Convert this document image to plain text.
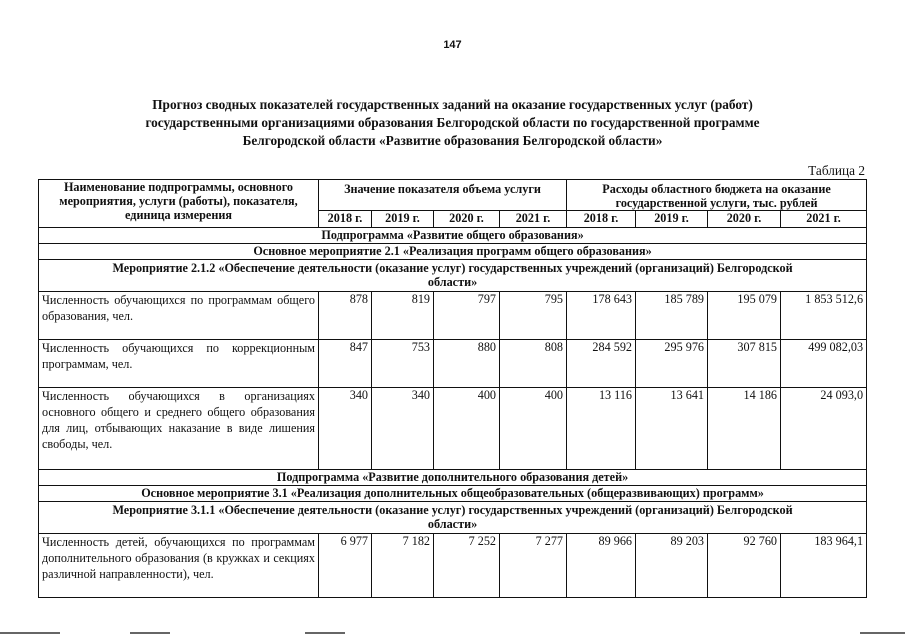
147
Прогноз сводных показателей государственных заданий на оказание государственных услуг (работ)
государственными организациями образования Белгородской области по государственной программе
Белгородской области «Развитие образования Белгородской области»
Таблица 2
Наименование подпрограммы, основного мероприятия, услуги (работы), показателя, единица измерения	Значение показателя объема услуги				Расходы областного бюджета на оказание государственной услуги, тыс. рублей			
	2018 г.	2019 г.	2020 г.	2021 г.	2018 г.	2019 г.	2020 г.	2021 г.
Подпрограмма «Развитие общего образования»								
Основное мероприятие 2.1 «Реализация программ общего образования»								
Мероприятие 2.1.2 «Обеспечение деятельности (оказание услуг) государственных учреждений (организаций) Белгородской области»								
Численность обучающихся по программам общего образования, чел.	878	819	797	795	178 643	185 789	195 079	1 853 512,6
Численность обучающихся по коррекционным программам, чел.	847	753	880	808	284 592	295 976	307 815	499 082,03
Численность обучающихся в организациях основного общего и среднего общего образования для лиц, отбывающих наказание в виде лишения свободы, чел.	340	340	400	400	13 116	13 641	14 186	24 093,0
Подпрограмма «Развитие дополнительного образования детей»								
Основное мероприятие 3.1 «Реализация дополнительных общеобразовательных (общеразвивающих) программ»								
Мероприятие 3.1.1 «Обеспечение деятельности (оказание услуг) государственных учреждений (организаций) Белгородской области»								
Численность детей, обучающихся по программам дополнительного образования (в кружках и секциях различной направленности), чел.	6 977	7 182	7 252	7 277	89 966	89 203	92 760	183 964,1
